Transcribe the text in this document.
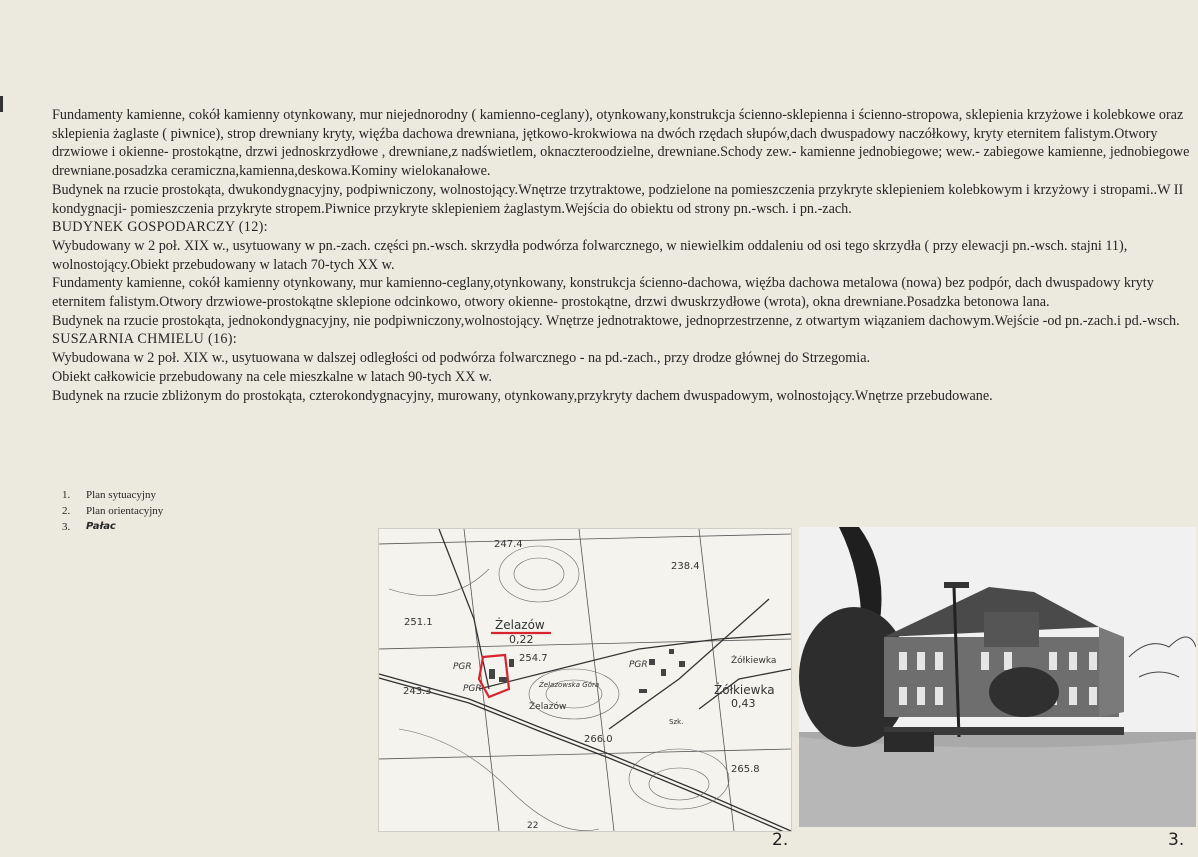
Fundamenty kamienne, cokół kamienny otynkowany, mur niejednorodny ( kamienno-ceglany), otynkowany,konstrukcja ścienno-sklepienna i ścienno-stropowa, sklepienia krzyżowe i kolebkowe oraz sklepienia żaglaste ( piwnice), strop drewniany kryty, więźba dachowa drewniana, jętkowo-krokwiowa na dwóch rzędach słupów,dach dwuspadowy naczółkowy, kryty eternitem falistym.Otwory drzwiowe i okienne- prostokątne, drzwi jednoskrzydłowe , drewniane,z nadświetlem, oknaczteroodzielne, drewniane.Schody zew.- kamienne jednobiegowe; wew.- zabiegowe kamienne, jednobiegowe drewniane.posadzka ceramiczna,kamienna,deskowa.Kominy wielokanałowe.

Budynek na rzucie prostokąta, dwukondygnacyjny, podpiwniczony, wolnostojący.Wnętrze trzytraktowe, podzielone na pomieszczenia przykryte sklepieniem kolebkowym i krzyżowy i stropami..W II kondygnacji- pomieszczenia przykryte stropem.Piwnice przykryte sklepieniem żaglastym.Wejścia do obiektu od strony pn.-wsch. i pn.-zach.

BUDYNEK GOSPODARCZY (12):

Wybudowany w 2 poł. XIX w., usytuowany w pn.-zach. części pn.-wsch. skrzydła podwórza folwarcznego, w niewielkim oddaleniu od osi tego skrzydła ( przy elewacji pn.-wsch. stajni 11), wolnostojący.Obiekt przebudowany w latach 70-tych XX w.

Fundamenty kamienne, cokół kamienny otynkowany, mur kamienno-ceglany,otynkowany, konstrukcja ścienno-dachowa, więźba dachowa metalowa (nowa) bez podpór, dach dwuspadowy kryty eternitem falistym.Otwory drzwiowe-prostokątne sklepione odcinkowo, otwory okienne- prostokątne, drzwi dwuskrzydłowe (wrota), okna drewniane.Posadzka betonowa lana.

Budynek na rzucie prostokąta, jednokondygnacyjny, nie podpiwniczony,wolnostojący. Wnętrze jednotraktowe, jednoprzestrzenne, z otwartym wiązaniem dachowym.Wejście -od pn.-zach.i pd.-wsch.

SUSZARNIA CHMIELU (16):

Wybudowana w 2 poł. XIX w., usytuowana w dalszej odległości od podwórza folwarcznego - na pd.-zach., przy drodze głównej do Strzegomia.

Obiekt całkowicie przebudowany na cele mieszkalne w latach 90-tych XX w.

Budynek na rzucie zbliżonym do prostokąta, czterokondygnacyjny, murowany, otynkowany,przykryty dachem dwuspadowym, wolnostojący.Wnętrze przebudowane.

1.	Plan sytuacyjny
2.	Plan orientacyjny
3.	Pałac
247.4
238.4
251.1	Żelazów
0,22
254.7
PGR
PGR
PGR
243.3
Żelazowska Góra
Żelazów
266.0
Żółkiewka
Żółkiewka
0,43
265.8
Szk.
22
2.	3.
